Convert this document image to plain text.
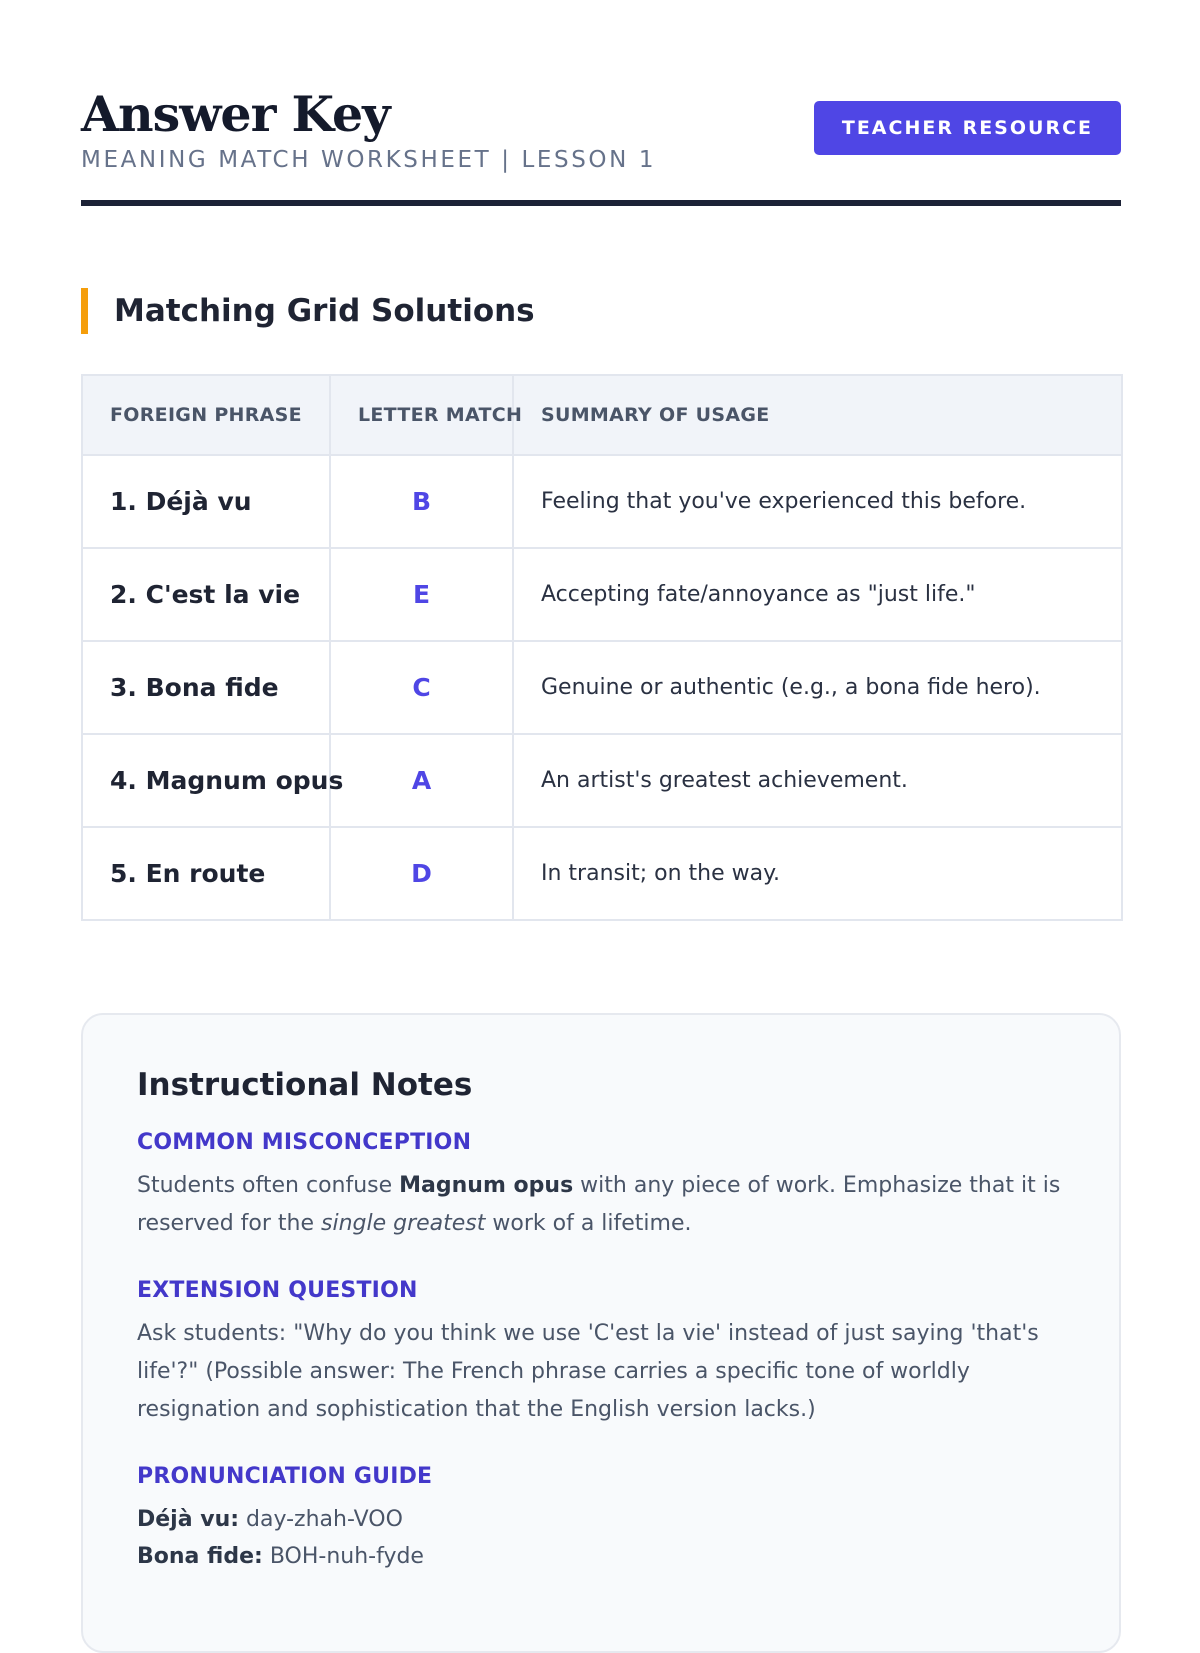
Answer Key
MEANING MATCH WORKSHEET | LESSON 1
TEACHER RESOURCE
Matching Grid Solutions
FOREIGN PHRASE	LETTER MATCH	SUMMARY OF USAGE
1. Déjà vu	B	Feeling that you've experienced this before.
2. C'est la vie	E	Accepting fate/annoyance as "just life."
3. Bona fide	C	Genuine or authentic (e.g., a bona fide hero).
4. Magnum opus	A	An artist's greatest achievement.
5. En route	D	In transit; on the way.
Instructional Notes
COMMON MISCONCEPTION

Students often confuse Magnum opus with any piece of work. Emphasize that it is reserved for the single greatest work of a lifetime.

EXTENSION QUESTION

Ask students: "Why do you think we use 'C'est la vie' instead of just saying 'that's life'?" (Possible answer: The French phrase carries a specific tone of worldly resignation and sophistication that the English version lacks.)

PRONUNCIATION GUIDE

Déjà vu: day-zhah-VOO

Bona fide: BOH-nuh-fyde
